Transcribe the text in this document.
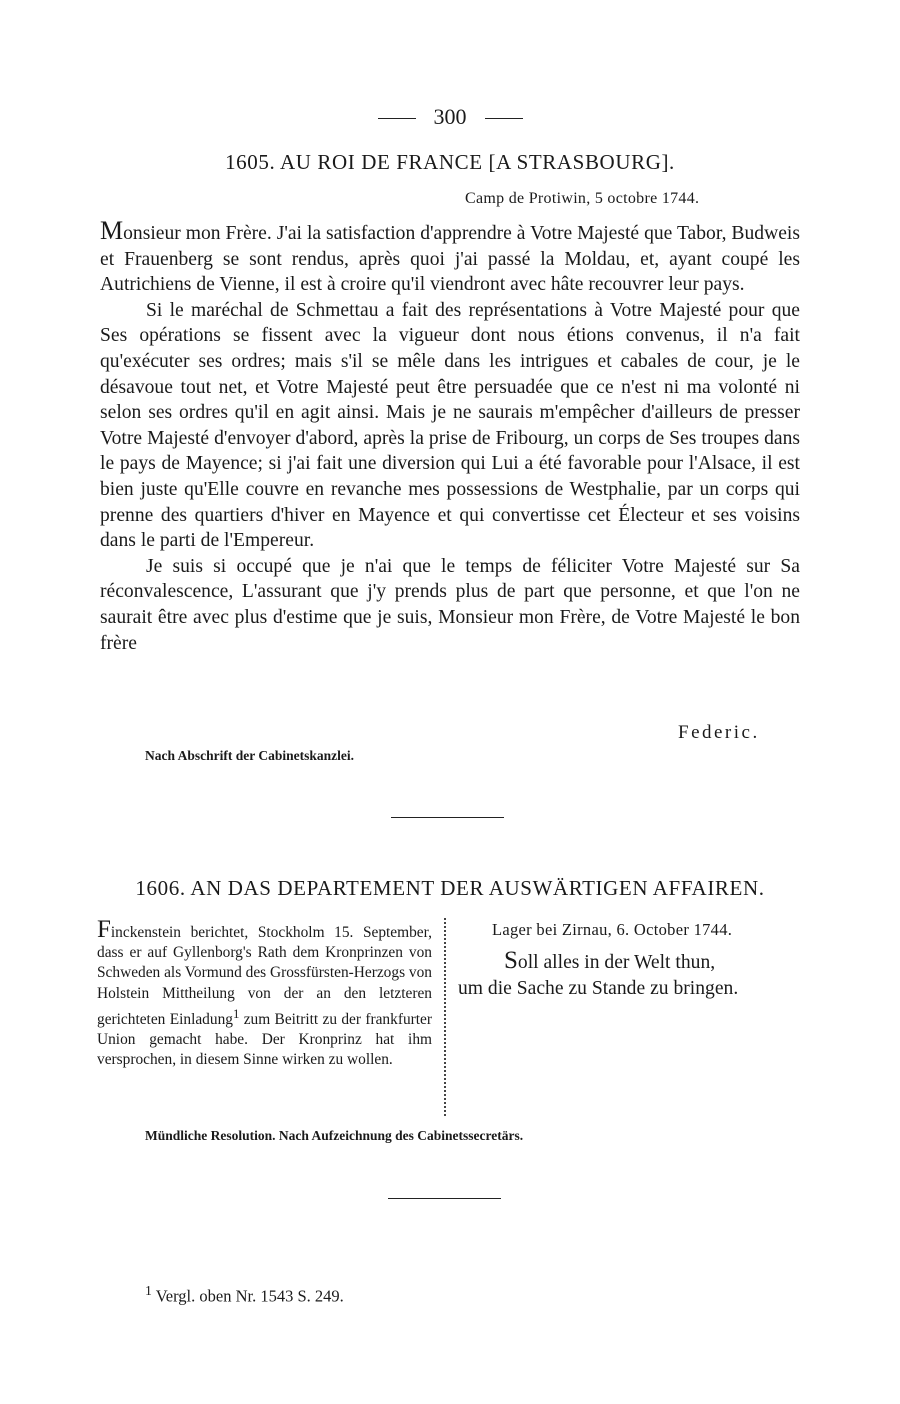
300
1605. AU ROI DE FRANCE [A STRASBOURG].
Camp de Protiwin, 5 octobre 1744.

Monsieur mon Frère. J'ai la satisfaction d'apprendre à Votre Majesté que Tabor, Budweis et Frauenberg se sont rendus, après quoi j'ai passé la Moldau, et, ayant coupé les Autrichiens de Vienne, il est à croire qu'il viendront avec hâte recouvrer leur pays.

Si le maréchal de Schmettau a fait des représentations à Votre Majesté pour que Ses opérations se fissent avec la vigueur dont nous étions convenus, il n'a fait qu'exécuter ses ordres; mais s'il se mêle dans les intrigues et cabales de cour, je le désavoue tout net, et Votre Majesté peut être persuadée que ce n'est ni ma volonté ni selon ses ordres qu'il en agit ainsi. Mais je ne saurais m'empêcher d'ailleurs de presser Votre Majesté d'envoyer d'abord, après la prise de Fribourg, un corps de Ses troupes dans le pays de Mayence; si j'ai fait une diversion qui Lui a été favorable pour l'Alsace, il est bien juste qu'Elle couvre en revanche mes possessions de Westphalie, par un corps qui prenne des quartiers d'hiver en Mayence et qui convertisse cet Électeur et ses voisins dans le parti de l'Empereur.

Je suis si occupé que je n'ai que le temps de féliciter Votre Majesté sur Sa réconvalescence, L'assurant que j'y prends plus de part que personne, et que l'on ne saurait être avec plus d'estime que je suis, Monsieur mon Frère, de Votre Majesté le bon frère

Federic.
Nach Abschrift der Cabinetskanzlei.
1606. AN DAS DEPARTEMENT DER AUSWÄRTIGEN AFFAIREN.
Finckenstein berichtet, Stockholm 15. September, dass er auf Gyllenborg's Rath dem Kronprinzen von Schweden als Vormund des Grossfürsten-Herzogs von Holstein Mittheilung von der an den letzteren gerichteten Einladung$^1$ zum Beitritt zu der frankfurter Union gemacht habe. Der Kronprinz hat ihm versprochen, in diesem Sinne wirken zu wollen.
Lager bei Zirnau, 6. October 1744.
Soll alles in der Welt thun,
um die Sache zu Stande zu bringen.
Mündliche Resolution. Nach Aufzeichnung des Cabinetssecretärs.
$^1$ Vergl. oben Nr. 1543 S. 249.
